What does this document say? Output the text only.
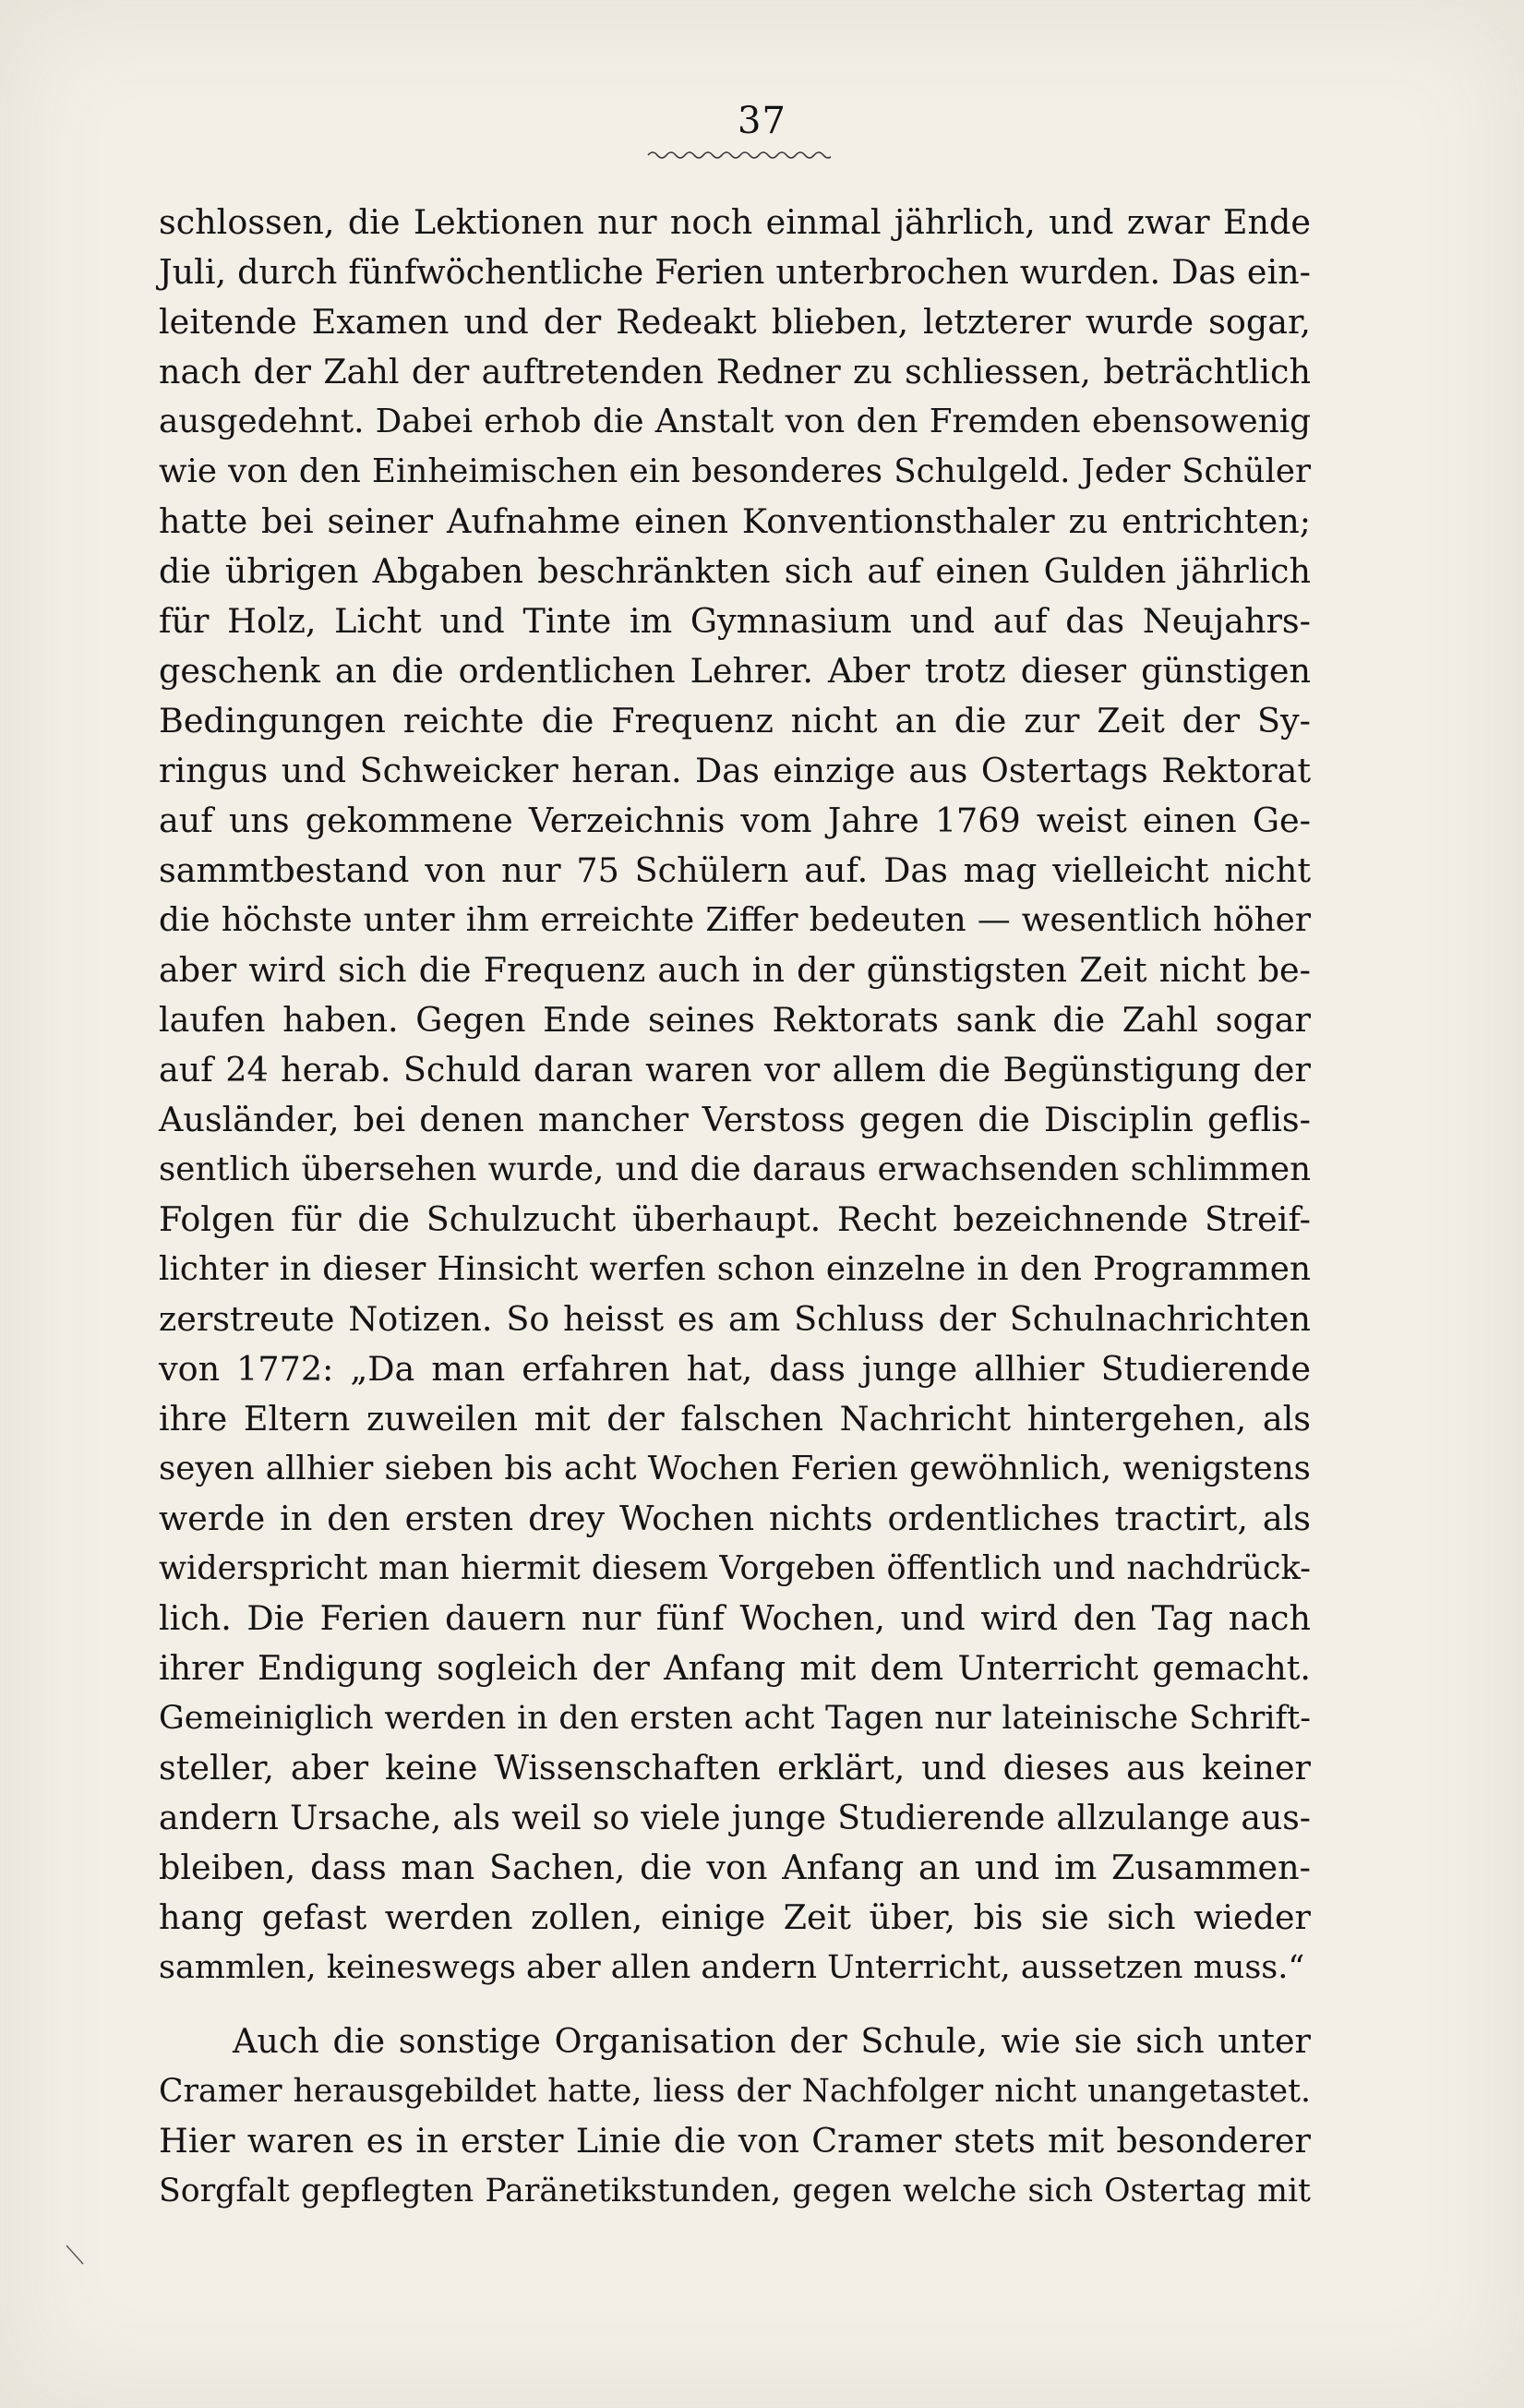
37
schlossen, die Lektionen nur noch einmal jährlich, und zwar Ende
Juli, durch fünfwöchentliche Ferien unterbrochen wurden. Das ein-
leitende Examen und der Redeakt blieben, letzterer wurde sogar,
nach der Zahl der auftretenden Redner zu schliessen, beträchtlich
ausgedehnt. Dabei erhob die Anstalt von den Fremden ebensowenig
wie von den Einheimischen ein besonderes Schulgeld. Jeder Schüler
hatte bei seiner Aufnahme einen Konventionsthaler zu entrichten;
die übrigen Abgaben beschränkten sich auf einen Gulden jährlich
für Holz, Licht und Tinte im Gymnasium und auf das Neujahrs-
geschenk an die ordentlichen Lehrer. Aber trotz dieser günstigen
Bedingungen reichte die Frequenz nicht an die zur Zeit der Sy-
ringus und Schweicker heran. Das einzige aus Ostertags Rektorat
auf uns gekommene Verzeichnis vom Jahre 1769 weist einen Ge-
sammtbestand von nur 75 Schülern auf. Das mag vielleicht nicht
die höchste unter ihm erreichte Ziffer bedeuten — wesentlich höher
aber wird sich die Frequenz auch in der günstigsten Zeit nicht be-
laufen haben. Gegen Ende seines Rektorats sank die Zahl sogar
auf 24 herab. Schuld daran waren vor allem die Begünstigung der
Ausländer, bei denen mancher Verstoss gegen die Disciplin geflis-
sentlich übersehen wurde, und die daraus erwachsenden schlimmen
Folgen für die Schulzucht überhaupt. Recht bezeichnende Streif-
lichter in dieser Hinsicht werfen schon einzelne in den Programmen
zerstreute Notizen. So heisst es am Schluss der Schulnachrichten
von 1772: „Da man erfahren hat, dass junge allhier Studierende
ihre Eltern zuweilen mit der falschen Nachricht hintergehen, als
seyen allhier sieben bis acht Wochen Ferien gewöhnlich, wenigstens
werde in den ersten drey Wochen nichts ordentliches tractirt, als
widerspricht man hiermit diesem Vorgeben öffentlich und nachdrück-
lich. Die Ferien dauern nur fünf Wochen, und wird den Tag nach
ihrer Endigung sogleich der Anfang mit dem Unterricht gemacht.
Gemeiniglich werden in den ersten acht Tagen nur lateinische Schrift-
steller, aber keine Wissenschaften erklärt, und dieses aus keiner
andern Ursache, als weil so viele junge Studierende allzulange aus-
bleiben, dass man Sachen, die von Anfang an und im Zusammen-
hang gefast werden zollen, einige Zeit über, bis sie sich wieder
sammlen, keineswegs aber allen andern Unterricht, aussetzen muss.“
Auch die sonstige Organisation der Schule, wie sie sich unter
Cramer herausgebildet hatte, liess der Nachfolger nicht unangetastet.
Hier waren es in erster Linie die von Cramer stets mit besonderer
Sorgfalt gepflegten Paränetikstunden, gegen welche sich Ostertag mit
